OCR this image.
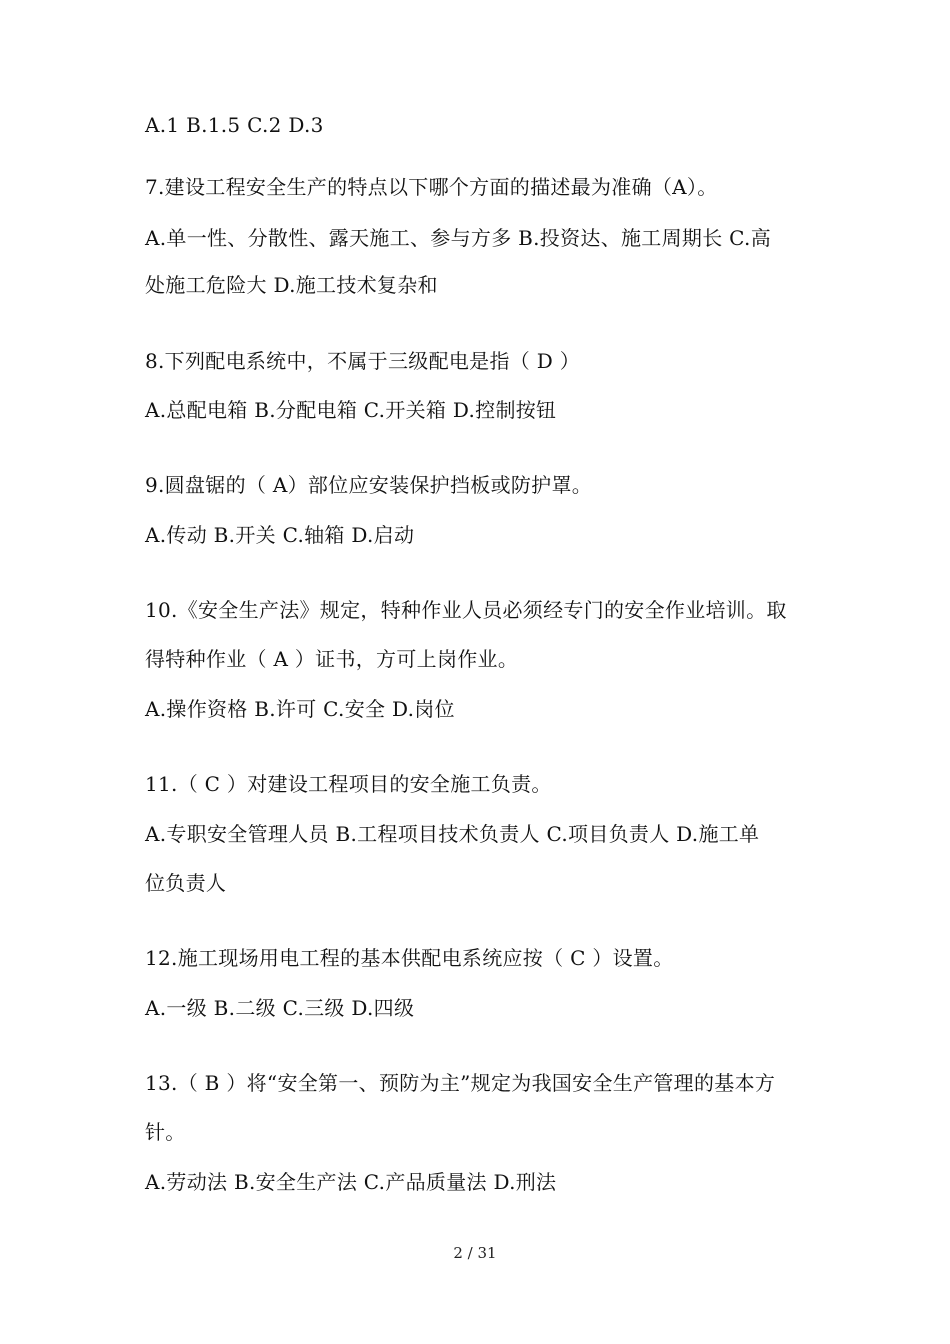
A.1 B.1.5 C.2 D.3
7.建设工程安全生产的特点以下哪个方面的描述最为准确（A）。
A.单一性、分散性、露天施工、参与方多 B.投资达、施工周期长 C.高
处施工危险大 D.施工技术复杂和
8.下列配电系统中，不属于三级配电是指（ D ）
A.总配电箱 B.分配电箱 C.开关箱 D.控制按钮
9.圆盘锯的（ A）部位应安装保护挡板或防护罩。
A.传动 B.开关 C.轴箱 D.启动
10.《安全生产法》规定，特种作业人员必须经专门的安全作业培训。取
得特种作业（ A ）证书，方可上岗作业。
A.操作资格 B.许可 C.安全 D.岗位
11.（ C ）对建设工程项目的安全施工负责。
A.专职安全管理人员 B.工程项目技术负责人 C.项目负责人 D.施工单
位负责人
12.施工现场用电工程的基本供配电系统应按（ C ）设置。
A.一级 B.二级 C.三级 D.四级
13.（ B ）将“安全第一、预防为主”规定为我国安全生产管理的基本方
针。
A.劳动法 B.安全生产法 C.产品质量法 D.刑法
2 / 31
